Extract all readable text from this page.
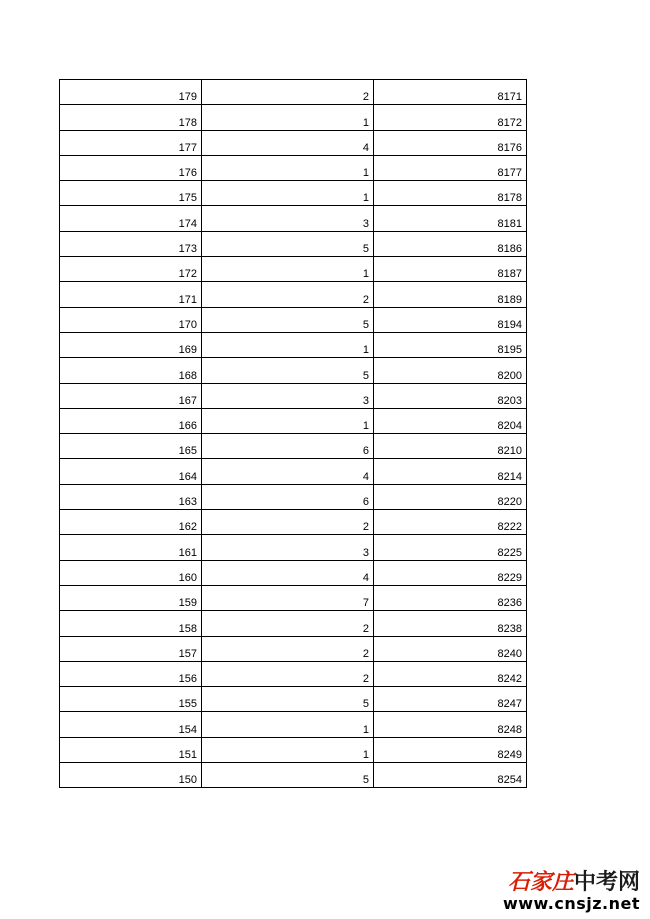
179	2	8171
178	1	8172
177	4	8176
176	1	8177
175	1	8178
174	3	8181
173	5	8186
172	1	8187
171	2	8189
170	5	8194
169	1	8195
168	5	8200
167	3	8203
166	1	8204
165	6	8210
164	4	8214
163	6	8220
162	2	8222
161	3	8225
160	4	8229
159	7	8236
158	2	8238
157	2	8240
156	2	8242
155	5	8247
154	1	8248
151	1	8249
150	5	8254
石家庄中考网
www.cnsjz.net
